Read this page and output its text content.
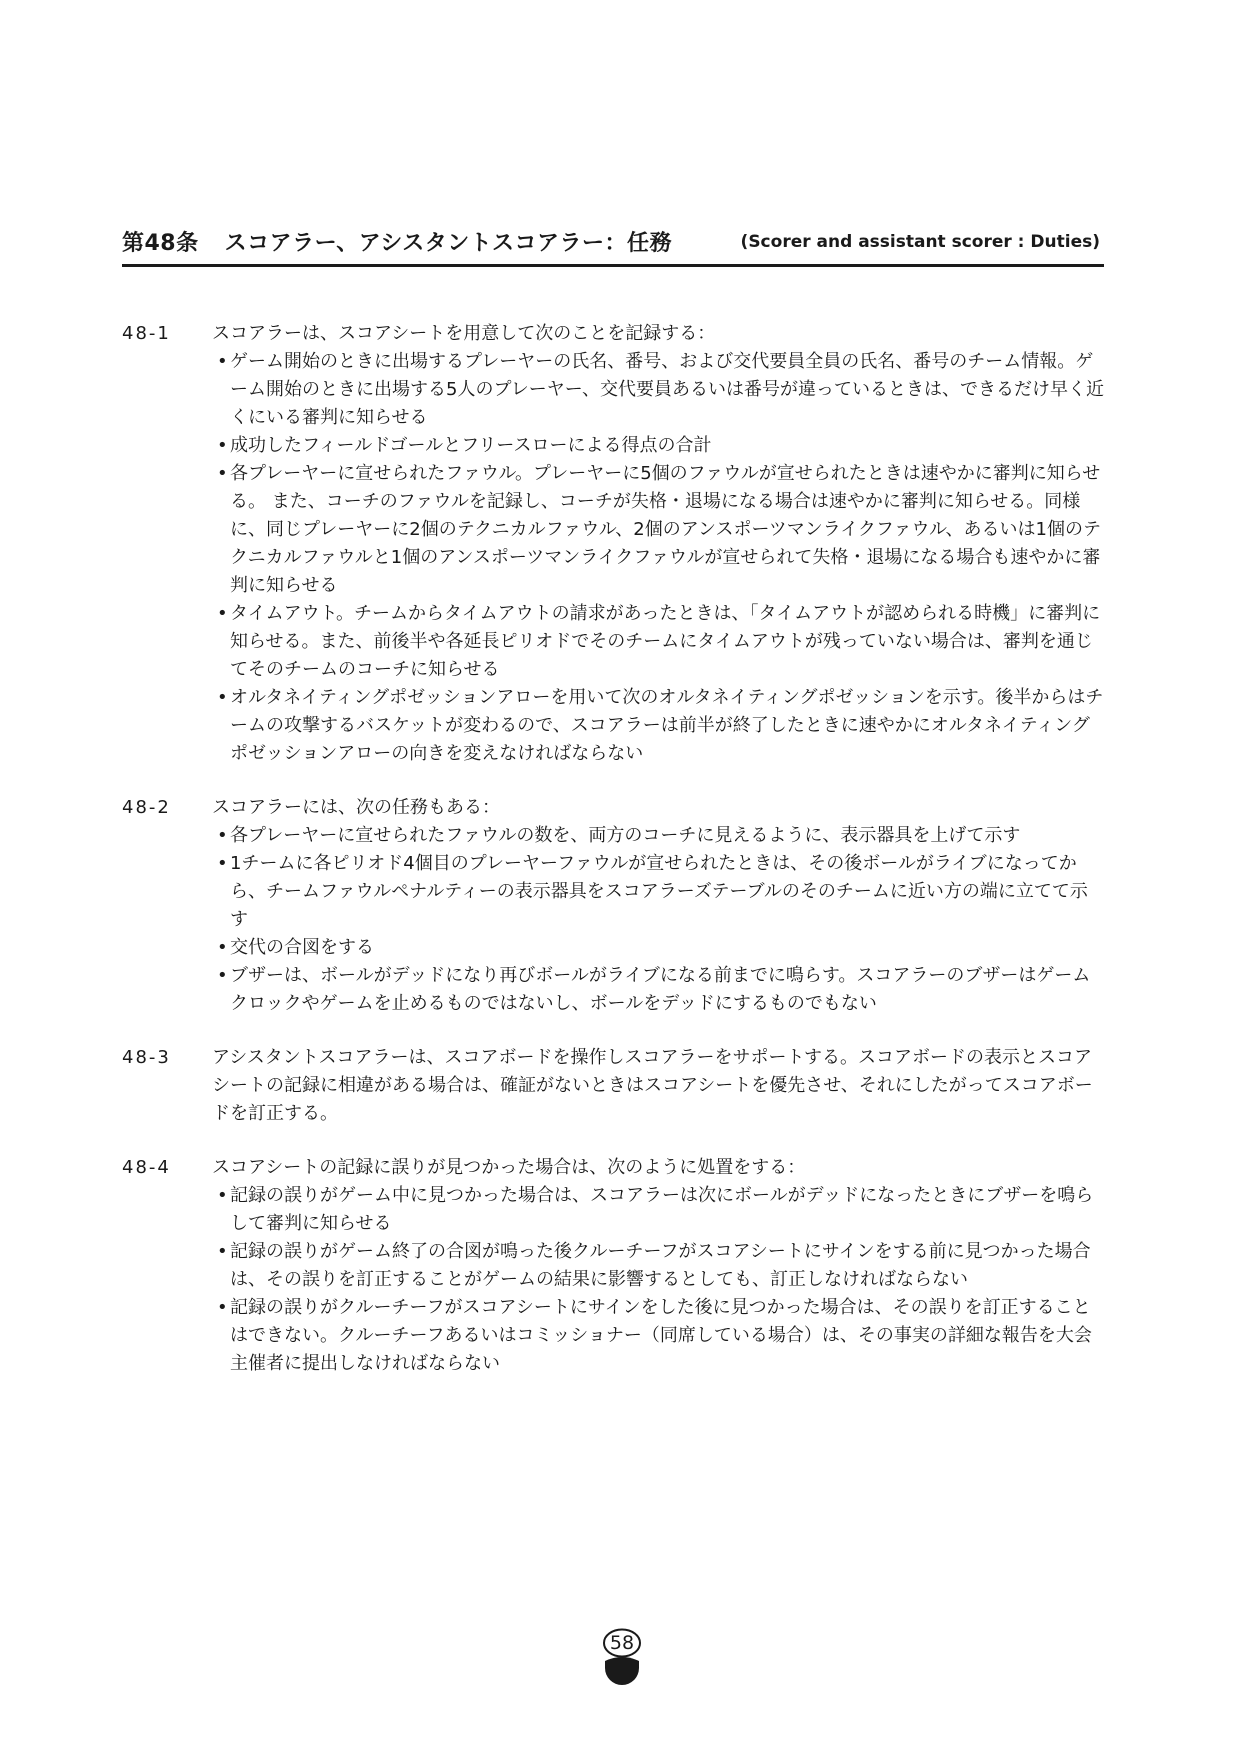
第48条 スコアラー、アシスタントスコアラー：任務	(Scorer and assistant scorer : Duties)
48-1 スコアラーは、スコアシートを用意して次のことを記録する：

• ゲーム開始のときに出場するプレーヤーの氏名、番号、および交代要員全員の氏名、番号のチーム情報。ゲーム開始のときに出場する5人のプレーヤー、交代要員あるいは番号が違っているときは、できるだけ早く近くにいる審判に知らせる
• 成功したフィールドゴールとフリースローによる得点の合計
• 各プレーヤーに宣せられたファウル。プレーヤーに5個のファウルが宣せられたときは速やかに審判に知らせる。 また、コーチのファウルを記録し、コーチが失格・退場になる場合は速やかに審判に知らせる。同様に、同じプレーヤーに2個のテクニカルファウル、2個のアンスポーツマンライクファウル、あるいは1個のテクニカルファウルと1個のアンスポーツマンライクファウルが宣せられて失格・退場になる場合も速やかに審判に知らせる
• タイムアウト。チームからタイムアウトの請求があったときは、「タイムアウトが認められる時機」に審判に知らせる。また、前後半や各延長ピリオドでそのチームにタイムアウトが残っていない場合は、審判を通じてそのチームのコーチに知らせる
• オルタネイティングポゼッションアローを用いて次のオルタネイティングポゼッションを示す。後半からはチームの攻撃するバスケットが変わるので、スコアラーは前半が終了したときに速やかにオルタネイティングポゼッションアローの向きを変えなければならない
48-2 スコアラーには、次の任務もある：

• 各プレーヤーに宣せられたファウルの数を、両方のコーチに見えるように、表示器具を上げて示す
• 1チームに各ピリオド4個目のプレーヤーファウルが宣せられたときは、その後ボールがライブになってから、チームファウルペナルティーの表示器具をスコアラーズテーブルのそのチームに近い方の端に立てて示す
• 交代の合図をする
• ブザーは、ボールがデッドになり再びボールがライブになる前までに鳴らす。スコアラーのブザーはゲームクロックやゲームを止めるものではないし、ボールをデッドにするものでもない
48-3 アシスタントスコアラーは、スコアボードを操作しスコアラーをサポートする。スコアボードの表示とスコアシートの記録に相違がある場合は、確証がないときはスコアシートを優先させ、それにしたがってスコアボードを訂正する。

48-4 スコアシートの記録に誤りが見つかった場合は、次のように処置をする：

• 記録の誤りがゲーム中に見つかった場合は、スコアラーは次にボールがデッドになったときにブザーを鳴らして審判に知らせる
• 記録の誤りがゲーム終了の合図が鳴った後クルーチーフがスコアシートにサインをする前に見つかった場合は、その誤りを訂正することがゲームの結果に影響するとしても、訂正しなければならない
• 記録の誤りがクルーチーフがスコアシートにサインをした後に見つかった場合は、その誤りを訂正することはできない。クルーチーフあるいはコミッショナー（同席している場合）は、その事実の詳細な報告を大会主催者に提出しなければならない
58
